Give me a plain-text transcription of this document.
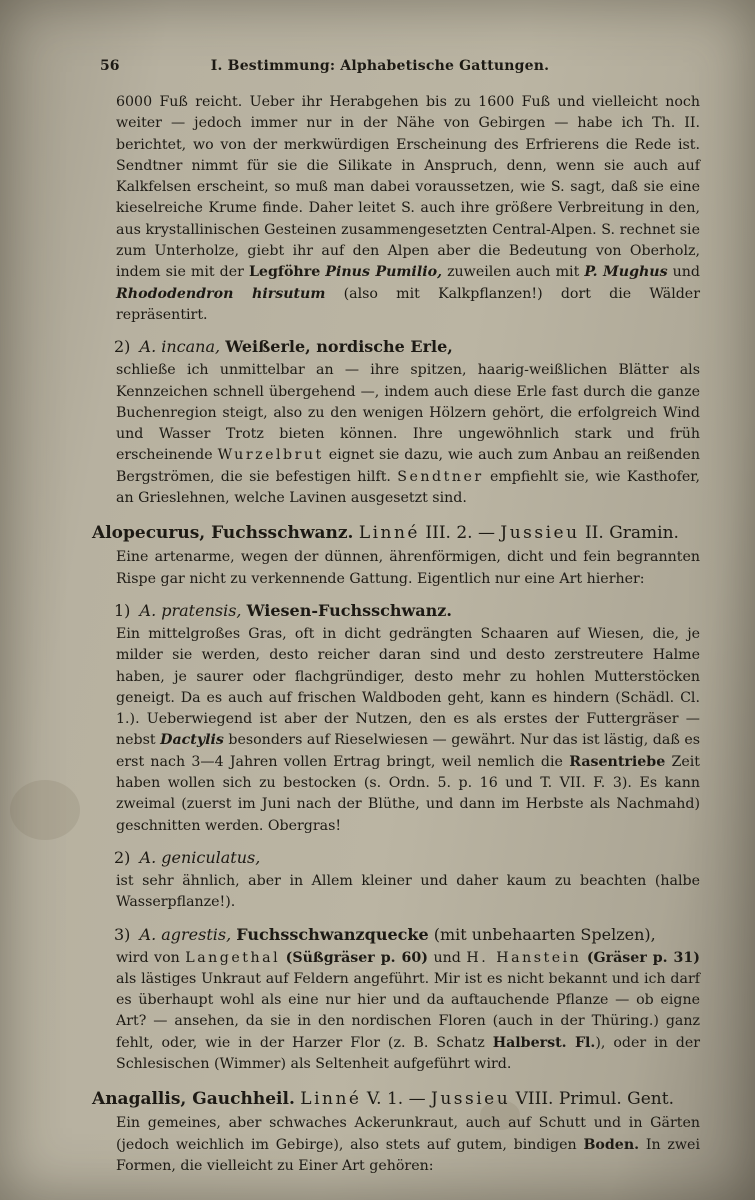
56	I. Bestimmung: Alphabetische Gattungen.

6000 Fuß reicht. Ueber ihr Herabgehen bis zu 1600 Fuß und vielleicht noch weiter — jedoch immer nur in der Nähe von Gebirgen — habe ich Th. II. berichtet, wo von der merkwürdigen Erscheinung des Erfrierens die Rede ist. Sendtner nimmt für sie die Silikate in Anspruch, denn, wenn sie auch auf Kalkfelsen erscheint, so muß man dabei voraussetzen, wie S. sagt, daß sie eine kieselreiche Krume finde. Daher leitet S. auch ihre größere Verbreitung in den, aus krystallinischen Gesteinen zusammengesetzten Central-Alpen. S. rechnet sie zum Unterholze, giebt ihr auf den Alpen aber die Bedeutung von Oberholz, indem sie mit der Legföhre Pinus Pumilio, zuweilen auch mit P. Mughus und Rhododendron hirsutum (also mit Kalkpflanzen!) dort die Wälder repräsentirt.

2) A. incana, Weißerle, nordische Erle,

schließe ich unmittelbar an — ihre spitzen, haarig-weißlichen Blätter als Kennzeichen schnell übergehend —, indem auch diese Erle fast durch die ganze Buchenregion steigt, also zu den wenigen Hölzern gehört, die erfolgreich Wind und Wasser Trotz bieten können. Ihre ungewöhnlich stark und früh erscheinende Wurzelbrut eignet sie dazu, wie auch zum Anbau an reißenden Bergströmen, die sie befestigen hilft. Sendtner empfiehlt sie, wie Kasthofer, an Grieslehnen, welche Lavinen ausgesetzt sind.

Alopecurus, Fuchsschwanz. Linné III. 2. — Jussieu II. Gramin.

Eine artenarme, wegen der dünnen, ährenförmigen, dicht und fein begrannten Rispe gar nicht zu verkennende Gattung. Eigentlich nur eine Art hierher:

1) A. pratensis, Wiesen-Fuchsschwanz.

Ein mittelgroßes Gras, oft in dicht gedrängten Schaaren auf Wiesen, die, je milder sie werden, desto reicher daran sind und desto zerstreutere Halme haben, je saurer oder flachgründiger, desto mehr zu hohlen Mutterstöcken geneigt. Da es auch auf frischen Waldboden geht, kann es hindern (Schädl. Cl. 1.). Ueberwiegend ist aber der Nutzen, den es als erstes der Futtergräser — nebst Dactylis besonders auf Rieselwiesen — gewährt. Nur das ist lästig, daß es erst nach 3—4 Jahren vollen Ertrag bringt, weil nemlich die Rasentriebe Zeit haben wollen sich zu bestocken (s. Ordn. 5. p. 16 und T. VII. F. 3). Es kann zweimal (zuerst im Juni nach der Blüthe, und dann im Herbste als Nachmahd) geschnitten werden. Obergras!

2) A. geniculatus,

ist sehr ähnlich, aber in Allem kleiner und daher kaum zu beachten (halbe Wasserpflanze!).

3) A. agrestis, Fuchsschwanzquecke (mit unbehaarten Spelzen),

wird von Langethal (Süßgräser p. 60) und H. Hanstein (Gräser p. 31) als lästiges Unkraut auf Feldern angeführt. Mir ist es nicht bekannt und ich darf es überhaupt wohl als eine nur hier und da auftauchende Pflanze — ob eigne Art? — ansehen, da sie in den nordischen Floren (auch in der Thüring.) ganz fehlt, oder, wie in der Harzer Flor (z. B. Schatz Halberst. Fl.), oder in der Schlesischen (Wimmer) als Seltenheit aufgeführt wird.

Anagallis, Gauchheil. Linné V. 1. — Jussieu VIII. Primul. Gent.

Ein gemeines, aber schwaches Ackerunkraut, auch auf Schutt und in Gärten (jedoch weichlich im Gebirge), also stets auf gutem, bindigen Boden. In zwei Formen, die vielleicht zu Einer Art gehören:
